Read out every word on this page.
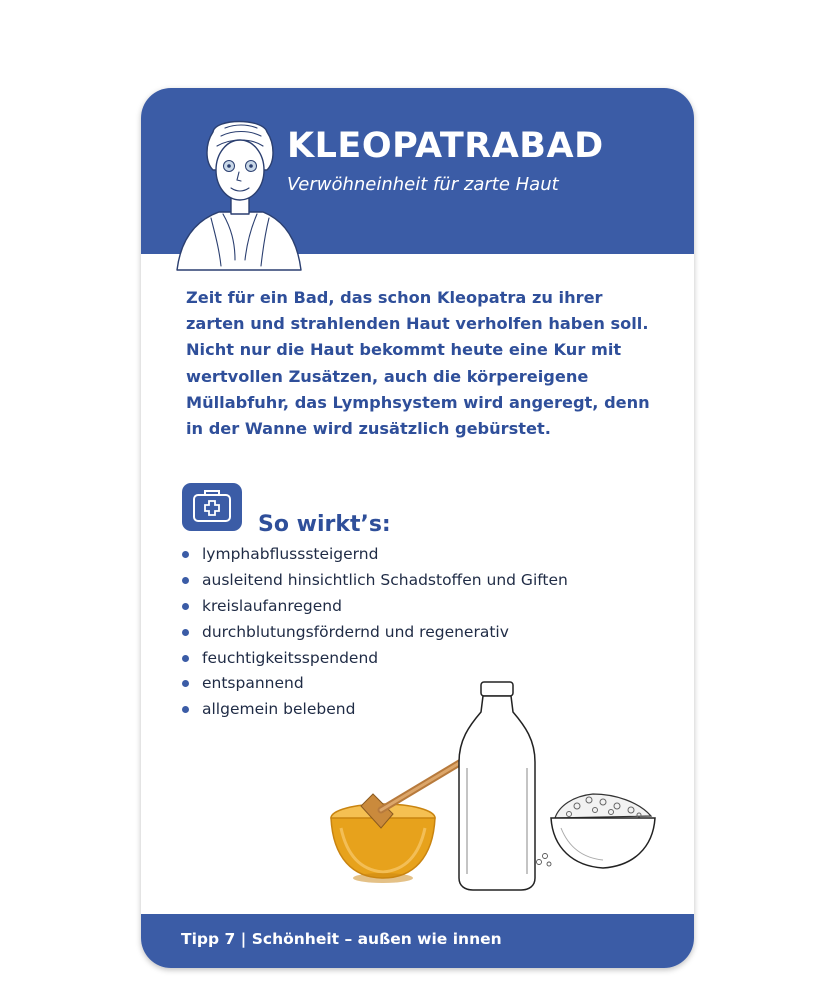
KLEOPATRABAD
Verwöhneinheit für zarte Haut

Zeit für ein Bad, das schon Kleopatra zu ihrer zarten und strahlenden Haut verholfen haben soll. Nicht nur die Haut bekommt heute eine Kur mit wertvollen Zusätzen, auch die körpereigene Müllabfuhr, das Lymphsystem wird angeregt, denn in der Wanne wird zusätzlich gebürstet.

So wirkt’s:
lymphabflusssteigernd
ausleitend hinsichtlich Schadstoffen und Giften
kreislaufanregend
durchblutungsfördernd und regenerativ
feuchtigkeitsspendend
entspannend
allgemein belebend
Tipp 7 | Schönheit – außen wie innen
